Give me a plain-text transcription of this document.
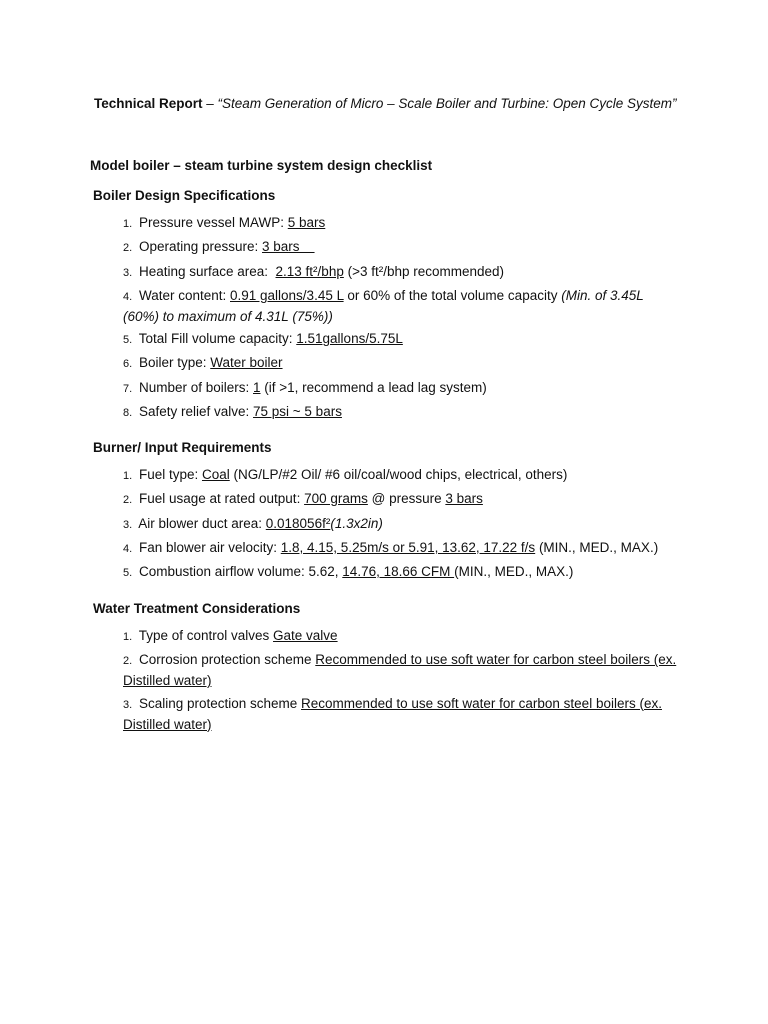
Technical Report – “Steam Generation of Micro – Scale Boiler and Turbine: Open Cycle System”
Model boiler – steam turbine system design checklist
Boiler Design Specifications
1. Pressure vessel MAWP: 5 bars
2. Operating pressure: 3 bars
3. Heating surface area:  2.13 ft²/bhp (>3 ft²/bhp recommended)
4. Water content: 0.91 gallons/3.45 L or 60% of the total volume capacity (Min. of 3.45L (60%) to maximum of 4.31L (75%))
5. Total Fill volume capacity: 1.51gallons/5.75L
6. Boiler type: Water boiler
7. Number of boilers: 1 (if >1, recommend a lead lag system)
8. Safety relief valve: 75 psi ~ 5 bars
Burner/ Input Requirements
1. Fuel type: Coal (NG/LP/#2 Oil/ #6 oil/coal/wood chips, electrical, others)
2. Fuel usage at rated output: 700 grams @ pressure 3 bars
3. Air blower duct area: 0.018056f²(1.3x2in)
4. Fan blower air velocity: 1.8, 4.15, 5.25m/s or 5.91, 13.62, 17.22 f/s (MIN., MED., MAX.)
5. Combustion airflow volume: 5.62, 14.76, 18.66 CFM (MIN., MED., MAX.)
Water Treatment Considerations
1. Type of control valves Gate valve
2. Corrosion protection scheme Recommended to use soft water for carbon steel boilers (ex. Distilled water)
3. Scaling protection scheme Recommended to use soft water for carbon steel boilers (ex. Distilled water)
